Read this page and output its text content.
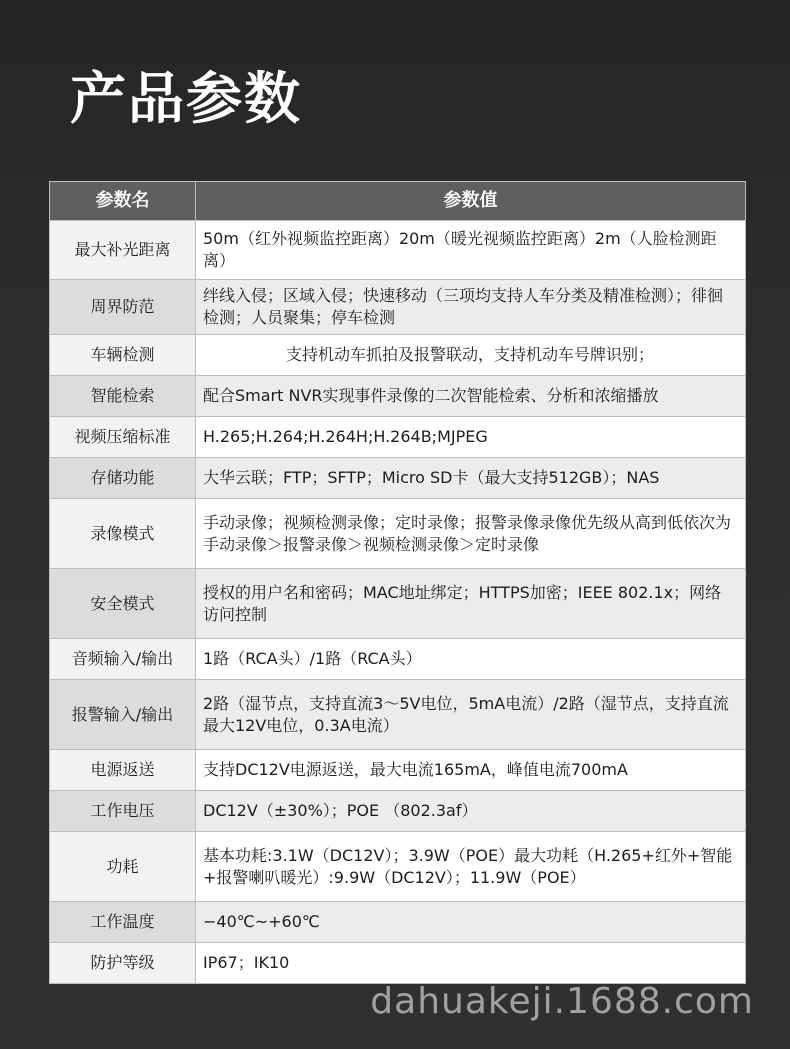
产品参数
参数名	参数值
最大补光距离	50m（红外视频监控距离）20m（暖光视频监控距离）2m（人脸检测距离）
周界防范	绊线入侵；区域入侵；快速移动（三项均支持人车分类及精准检测）；徘徊检测；人员聚集；停车检测
车辆检测	支持机动车抓拍及报警联动，支持机动车号牌识别；
智能检索	配合Smart NVR实现事件录像的二次智能检索、分析和浓缩播放
视频压缩标准	H.265;H.264;H.264H;H.264B;MJPEG
存储功能	大华云联；FTP；SFTP；Micro SD卡（最大支持512GB）；NAS
录像模式	手动录像；视频检测录像；定时录像；报警录像录像优先级从高到低依次为手动录像＞报警录像＞视频检测录像＞定时录像
安全模式	授权的用户名和密码；MAC地址绑定；HTTPS加密；IEEE 802.1x；网络访问控制
音频输入/输出	1路（RCA头）/1路（RCA头）
报警输入/输出	2路（湿节点，支持直流3～5V电位，5mA电流）/2路（湿节点，支持直流最大12V电位，0.3A电流）
电源返送	支持DC12V电源返送，最大电流165mA，峰值电流700mA
工作电压	DC12V（±30%）；POE （802.3af）
功耗	基本功耗:3.1W（DC12V）；3.9W（POE）最大功耗（H.265+红外+智能+报警喇叭暖光）:9.9W（DC12V）；11.9W（POE）
工作温度	−40℃~+60℃
防护等级	IP67；IK10
dahuakeji.1688.com
